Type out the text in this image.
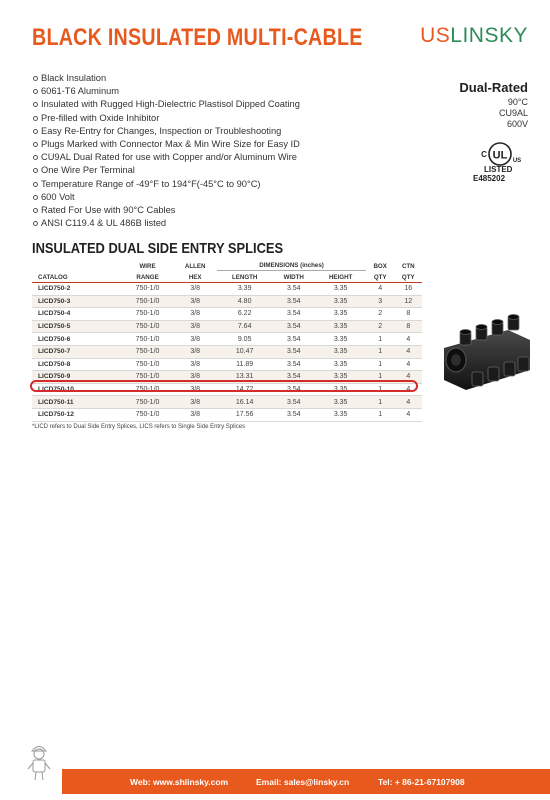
BLACK INSULATED MULTI-CABLE	USLINSKY
Black Insulation
6061-T6 Aluminum
Insulated with Rugged High-Dielectric Plastisol Dipped Coating
Pre-filled with Oxide Inhibitor
Easy Re-Entry for Changes, Inspection or Troubleshooting
Plugs Marked with Connector Max & Min Wire Size for Easy ID
CU9AL Dual Rated for use with Copper and/or Aluminum Wire
One Wire Per Terminal
Temperature Range of -49°F to 194°F(-45°C to 90°C)
600 Volt
Rated For Use with 90°C Cables
ANSI C119.4 & UL 486B listed
Dual-Rated
90°C
CU9AL
600V
UL
C
US
LISTED
E485202
INSULATED DUAL SIDE ENTRY SPLICES
CATALOG	WIRE	ALLEN	DIMENSIONS (inches)			BOX	CTN
	RANGE	HEX	LENGTH	WIDTH	HEIGHT	QTY	QTY
LICD750-2	750-1/0	3/8	3.39	3.54	3.35	4	16
LICD750-3	750-1/0	3/8	4.80	3.54	3.35	3	12
LICD750-4	750-1/0	3/8	6.22	3.54	3.35	2	8
LICD750-5	750-1/0	3/8	7.64	3.54	3.35	2	8
LICD750-6	750-1/0	3/8	9.05	3.54	3.35	1	4
LICD750-7	750-1/0	3/8	10.47	3.54	3.35	1	4
LICD750-8	750-1/0	3/8	11.89	3.54	3.35	1	4
LICD750-9	750-1/0	3/8	13.31	3.54	3.35	1	4
LICD750-10	750-1/0	3/8	14.72	3.54	3.35	1	4
LICD750-11	750-1/0	3/8	16.14	3.54	3.35	1	4
LICD750-12	750-1/0	3/8	17.56	3.54	3.35	1	4
*LICD refers to Dual Side Entry Splices, LICS refers to Single Side Entry Splices
Web: www.shlinsky.com	Email: sales@linsky.cn	Tel: + 86-21-67107908
